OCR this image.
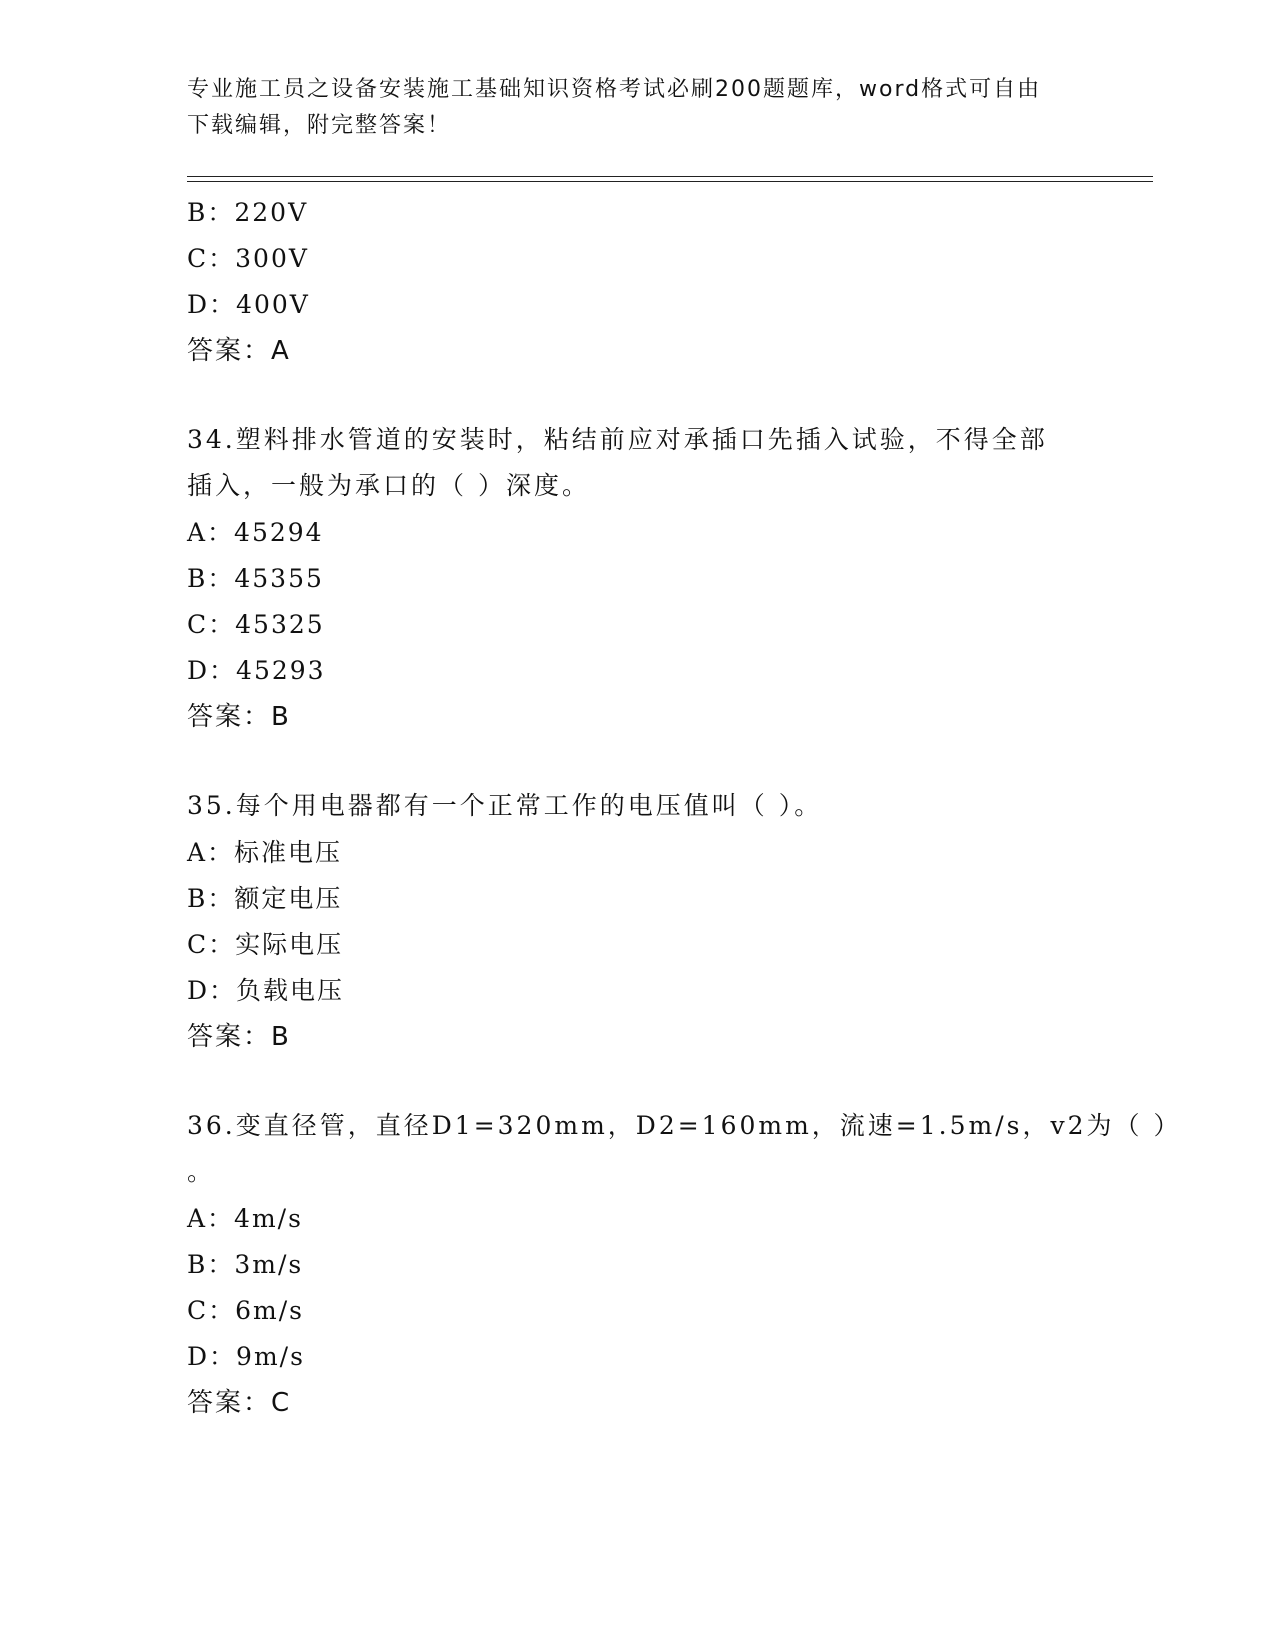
专业施工员之设备安装施工基础知识资格考试必刷200题题库，word格式可自由
下载编辑，附完整答案！
B：220V
C：300V
D：400V
答案：A
34.塑料排水管道的安装时，粘结前应对承插口先插入试验，不得全部
插入，一般为承口的（ ）深度。
A：45294
B：45355
C：45325
D：45293
答案：B
35.每个用电器都有一个正常工作的电压值叫（ ）。
A：标准电压
B：额定电压
C：实际电压
D：负载电压
答案：B
36.变直径管，直径D1=320mm，D2=160mm，流速=1.5m/s，v2为（ ）
。
A：4m/s
B：3m/s
C：6m/s
D：9m/s
答案：C
